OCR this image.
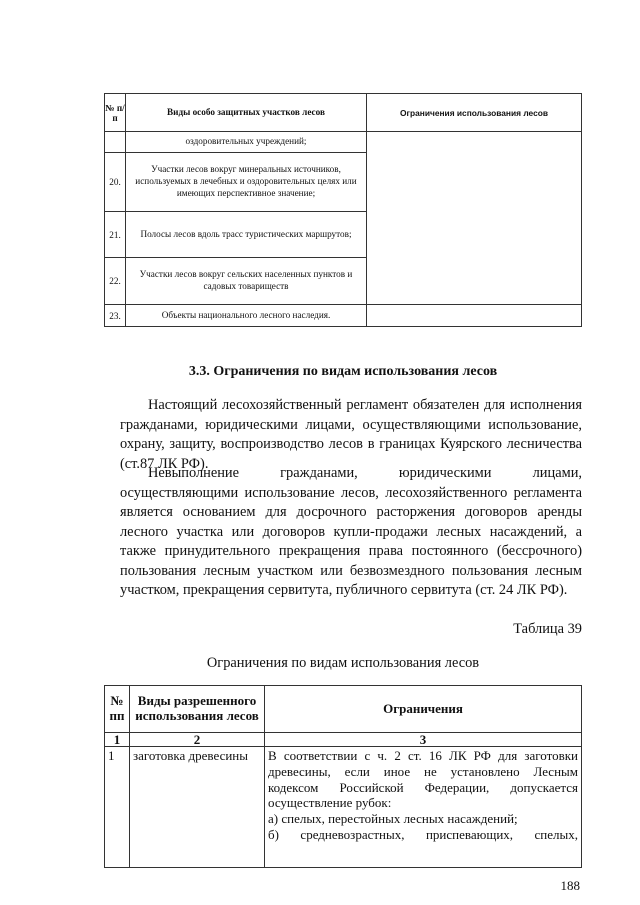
№ п/п	Виды особо защитных участков лесов	Ограничения использования лесов
	оздоровительных учреждений;	
20.	Участки лесов вокруг минеральных источников, используемых в лечебных и оздоровительных целях или имеющих перспективное значение;	
21.	Полосы лесов вдоль трасс туристических маршрутов;	
22.	Участки лесов вокруг сельских населенных пунктов и садовых товариществ	
23.	Объекты национального лесного наследия.	
3.3. Ограничения по видам использования лесов
Настоящий лесохозяйственный регламент обязателен для исполнения гражданами, юридическими лицами, осуществляющими использование, охрану, защиту, воспроизводство лесов в границах Куярского лесничества (ст.87 ЛК РФ).
Невыполнение гражданами, юридическими лицами, осуществляющими использование лесов, лесохозяйственного регламента является основанием для досрочного расторжения договоров аренды лесного участка или договоров купли-продажи лесных насаждений, а также принудительного прекращения права постоянного (бессрочного) пользования лесным участком или безвозмездного пользования лесным участком, прекращения сервитута, публичного сервитута (ст. 24 ЛК РФ).
Таблица 39
Ограничения по видам использования лесов
№ пп	Виды разрешенного использования лесов	Ограничения
1	2	3
1	заготовка древесины	В соответствии с ч. 2 ст. 16 ЛК РФ для заготовки древесины, если иное не установлено Лесным кодексом Российской Федерации, допускается осуществление рубок:
а) спелых, перестойных лесных насаждений;
б) средневозрастных, приспевающих, спелых,
188
